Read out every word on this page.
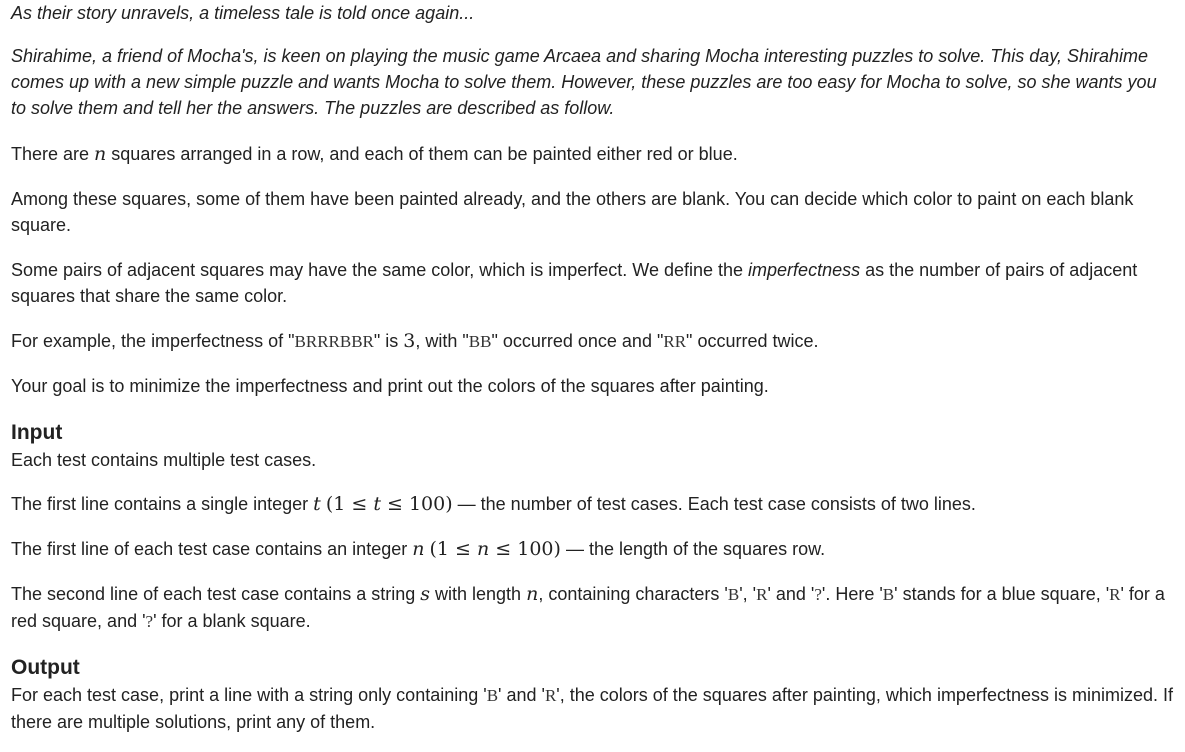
As their story unravels, a timeless tale is told once again...

Shirahime, a friend of Mocha's, is keen on playing the music game Arcaea and sharing Mocha interesting puzzles to solve. This day, Shirahime comes up with a new simple puzzle and wants Mocha to solve them. However, these puzzles are too easy for Mocha to solve, so she wants you to solve them and tell her the answers. The puzzles are described as follow.

There are n squares arranged in a row, and each of them can be painted either red or blue.

Among these squares, some of them have been painted already, and the others are blank. You can decide which color to paint on each blank square.

Some pairs of adjacent squares may have the same color, which is imperfect. We define the imperfectness as the number of pairs of adjacent squares that share the same color.

For example, the imperfectness of "BRRRBBR" is 3, with "BB" occurred once and "RR" occurred twice.

Your goal is to minimize the imperfectness and print out the colors of the squares after painting.

Input

Each test contains multiple test cases.

The first line contains a single integer t (1 ≤ t ≤ 100) — the number of test cases. Each test case consists of two lines.

The first line of each test case contains an integer n (1 ≤ n ≤ 100) — the length of the squares row.

The second line of each test case contains a string s with length n, containing characters 'B', 'R' and '?'. Here 'B' stands for a blue square, 'R' for a red square, and '?' for a blank square.

Output

For each test case, print a line with a string only containing 'B' and 'R', the colors of the squares after painting, which imperfectness is minimized. If there are multiple solutions, print any of them.
